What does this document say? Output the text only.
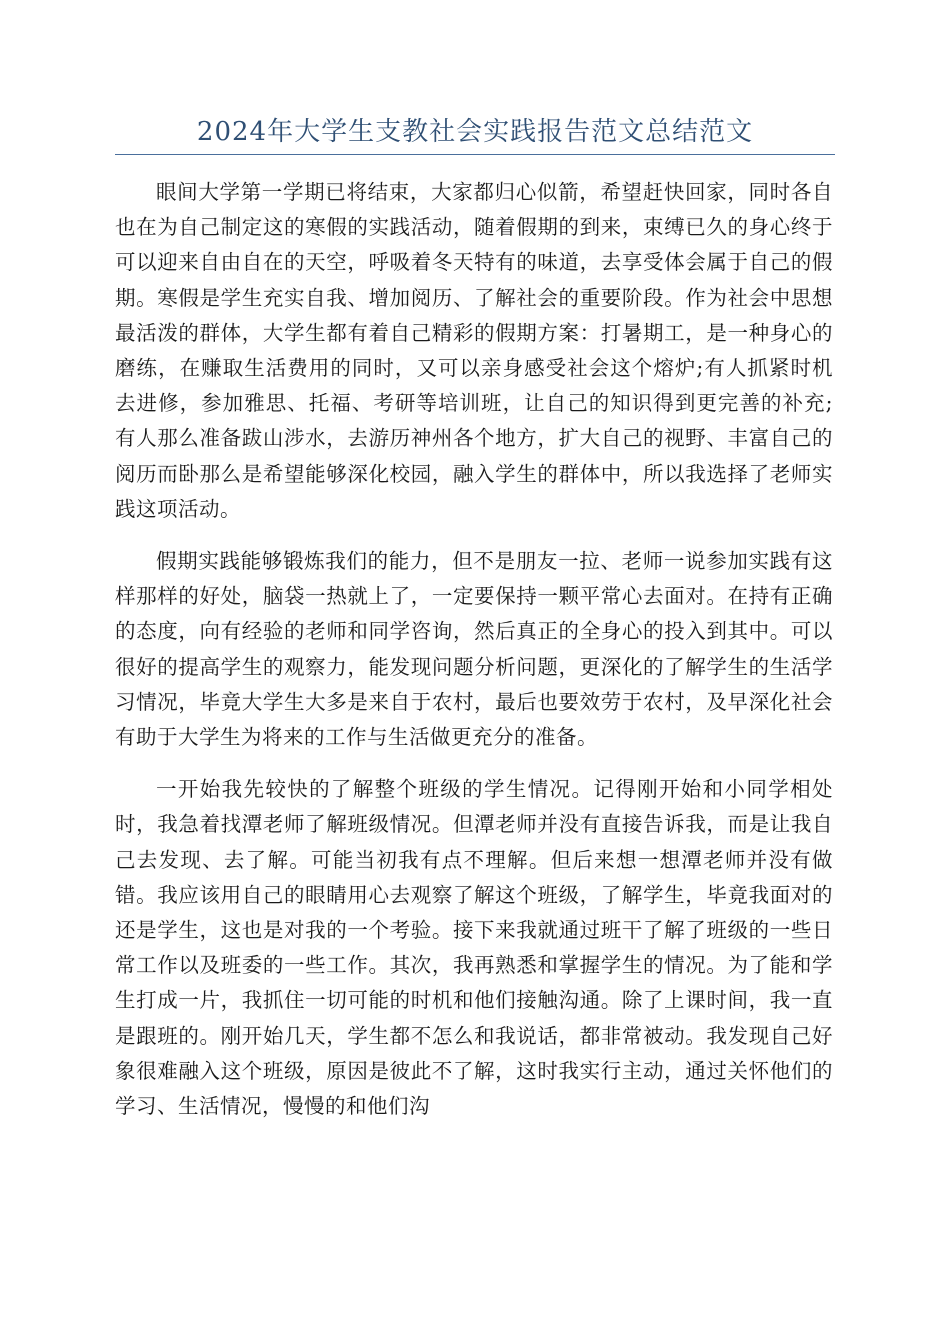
2024年大学生支教社会实践报告范文总结范文

眼间大学第一学期已将结束，大家都归心似箭，希望赶快回家，同时各自也在为自己制定这的寒假的实践活动，随着假期的到来，束缚已久的身心终于可以迎来自由自在的天空，呼吸着冬天特有的味道，去享受体会属于自己的假期。寒假是学生充实自我、增加阅历、了解社会的重要阶段。作为社会中思想最活泼的群体，大学生都有着自己精彩的假期方案：打暑期工，是一种身心的磨练，在赚取生活费用的同时，又可以亲身感受社会这个熔炉;有人抓紧时机去进修，参加雅思、托福、考研等培训班，让自己的知识得到更完善的补充;有人那么准备跋山涉水，去游历神州各个地方，扩大自己的视野、丰富自己的阅历而卧那么是希望能够深化校园，融入学生的群体中，所以我选择了老师实践这项活动。

假期实践能够锻炼我们的能力，但不是朋友一拉、老师一说参加实践有这样那样的好处，脑袋一热就上了，一定要保持一颗平常心去面对。在持有正确的态度，向有经验的老师和同学咨询，然后真正的全身心的投入到其中。可以很好的提高学生的观察力，能发现问题分析问题，更深化的了解学生的生活学习情况，毕竟大学生大多是来自于农村，最后也要效劳于农村，及早深化社会有助于大学生为将来的工作与生活做更充分的准备。

一开始我先较快的了解整个班级的学生情况。记得刚开始和小同学相处时，我急着找潭老师了解班级情况。但潭老师并没有直接告诉我，而是让我自己去发现、去了解。可能当初我有点不理解。但后来想一想潭老师并没有做错。我应该用自己的眼睛用心去观察了解这个班级，了解学生，毕竟我面对的还是学生，这也是对我的一个考验。接下来我就通过班干了解了班级的一些日常工作以及班委的一些工作。其次，我再熟悉和掌握学生的情况。为了能和学生打成一片，我抓住一切可能的时机和他们接触沟通。除了上课时间，我一直是跟班的。刚开始几天，学生都不怎么和我说话，都非常被动。我发现自己好象很难融入这个班级，原因是彼此不了解，这时我实行主动，通过关怀他们的学习、生活情况，慢慢的和他们沟
